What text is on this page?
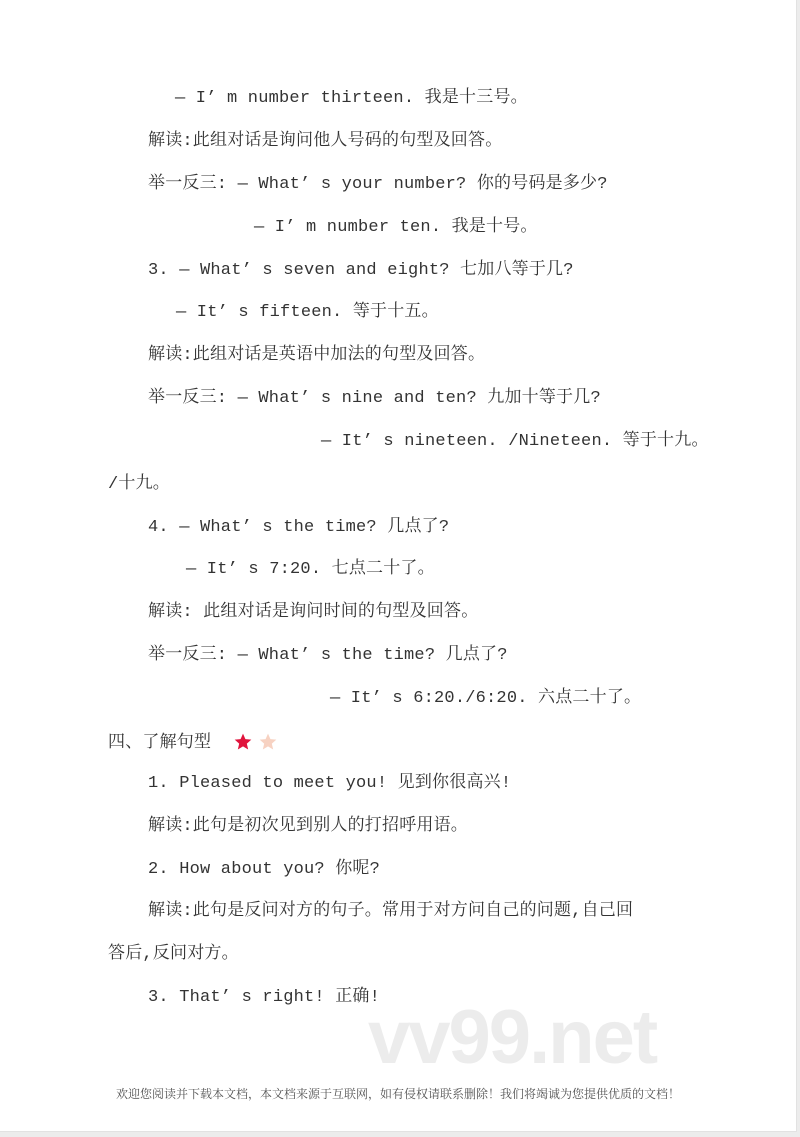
— I’ m number thirteen. 我是十三号。
解读:此组对话是询问他人号码的句型及回答。
举一反三: — What’ s your number? 你的号码是多少?
— I’ m number ten. 我是十号。
3. — What’ s seven and eight? 七加八等于几?
— It’ s fifteen. 等于十五。
解读:此组对话是英语中加法的句型及回答。
举一反三: — What’ s nine and ten? 九加十等于几?
— It’ s nineteen. /Nineteen. 等于十九。
/十九。
4. — What’ s the time? 几点了?
— It’ s 7:20. 七点二十了。
解读: 此组对话是询问时间的句型及回答。
举一反三: — What’ s the time? 几点了?
— It’ s 6:20./6:20. 六点二十了。
1. Pleased to meet you! 见到你很高兴!
解读:此句是初次见到别人的打招呼用语。
2. How about you? 你呢?
解读:此句是反问对方的句子。常用于对方问自己的问题,自己回
答后,反问对方。
3. That’ s right! 正确!
四、了解句型
vv99.net
欢迎您阅读并下载本文档，本文档来源于互联网，如有侵权请联系删除！我们将竭诚为您提供优质的文档！
